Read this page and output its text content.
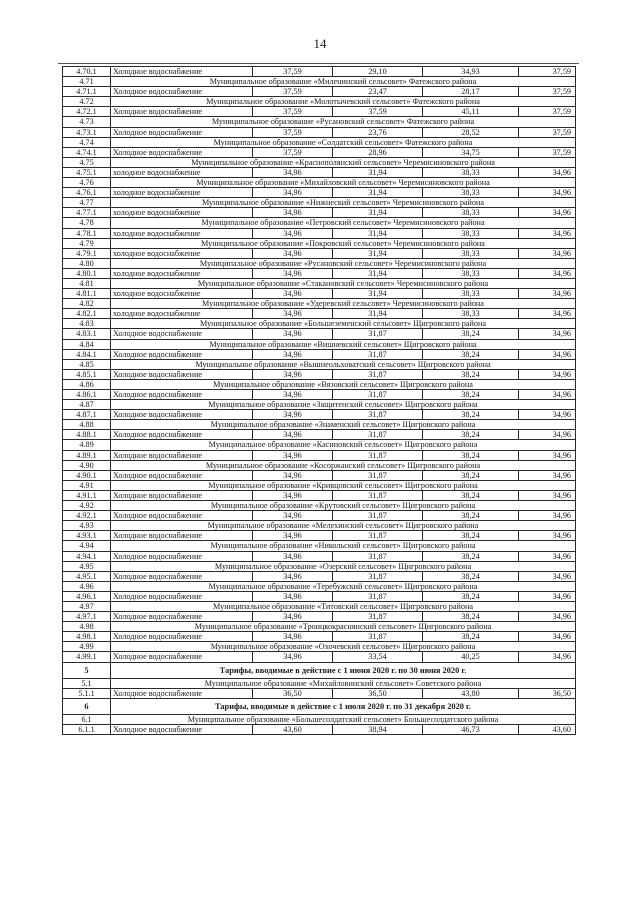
14
4.70.1	Холодное водоснабжение	37,59	29,10	34,93	37,59
4.71	Муниципальное образование «Миленинский сельсовет» Фатежского района				
4.71.1	Холодное водоснабжение	37,59	23,47	28,17	37,59
4.72	Муниципальное образование «Молотычевский сельсовет» Фатежского района				
4.72.1	Холодное водоснабжение	37,59	37,59	45,11	37,59
4.73	Муниципальное образование «Русановский сельсовет» Фатежского района				
4.73.1	Холодное водоснабжение	37,59	23,76	28,52	37,59
4.74	Муниципальное образование «Солдатский сельсовет» Фатежского района				
4.74.1	Холодное водоснабжение	37,59	28,96	34,75	37,59
4.75	Муниципальное образование «Краснополянский сельсовет» Черемисиновского района				
4.75.1	холодное водоснабжение	34,96	31,94	38,33	34,96
4.76	Муниципальное образование «Михайловский сельсовет» Черемисиновского района				
4.76.1	холодное водоснабжение	34,96	31,94	38,33	34,96
4.77	Муниципальное образование «Нижнеский сельсовет» Черемисиновского района				
4.77.1	холодное водоснабжение	34,96	31,94	38,33	34,96
4.78	Муниципальное образование «Петровский сельсовет» Черемисиновского района				
4.78.1	холодное водоснабжение	34,96	31,94	38,33	34,96
4.79	Муниципальное образование «Покровский сельсовет» Черемисиновского района				
4.79.1	холодное водоснабжение	34,96	31,94	38,33	34,96
4.80	Муниципальное образование «Русановский сельсовет» Черемисиновского района				
4.80.1	холодное водоснабжение	34,96	31,94	38,33	34,96
4.81	Муниципальное образование «Стакановский сельсовет» Черемисиновского района				
4.81.1	холодное водоснабжение	34,96	31,94	38,33	34,96
4.82	Муниципальное образование «Удеревский сельсовет» Черемисиновского района				
4.82.1	холодное водоснабжение	34,96	31,94	38,33	34,96
4.83	Муниципальное образование «Большеземенский сельсовет» Щигровского района				
4.83.1	Холодное водоснабжение	34,96	31,87	38,24	34,96
4.84	Муниципальное образование «Вишневский сельсовет» Щигровского района				
4.84.1	Холодное водоснабжение	34,96	31,87	38,24	34,96
4.85	Муниципальное образование «Вышнеольховатский сельсовет» Щигровского района				
4.85.1	Холодное водоснабжение	34,96	31,87	38,24	34,96
4.86	Муниципальное образование «Вязовский сельсовет» Щигровского района				
4.86.1	Холодное водоснабжение	34,96	31,87	38,24	34,96
4.87	Муниципальное образование «Защитенский сельсовет» Щигровского района				
4.87.1	Холодное водоснабжение	34,96	31,87	38,24	34,96
4.88	Муниципальное образование «Знаменский сельсовет» Щигровского района				
4.88.1	Холодное водоснабжение	34,96	31,87	38,24	34,96
4.89	Муниципальное образование «Касиновский сельсовет» Щигровского района				
4.89.1	Холодное водоснабжение	34,96	31,87	38,24	34,96
4.90	Муниципальное образование «Косоржанский сельсовет» Щигровского района				
4.90.1	Холодное водоснабжение	34,96	31,87	38,24	34,96
4.91	Муниципальное образование «Кривцовский сельсовет» Щигровского района				
4.91.1	Холодное водоснабжение	34,96	31,87	38,24	34,96
4.92	Муниципальное образование «Крутовский сельсовет» Щигровского района				
4.92.1	Холодное водоснабжение	34,96	31,87	38,24	34,96
4.93	Муниципальное образование «Мелехинский сельсовет» Щигровского района				
4.93.1	Холодное водоснабжение	34,96	31,87	38,24	34,96
4.94	Муниципальное образование «Никольский сельсовет» Щигровского района				
4.94.1	Холодное водоснабжение	34,96	31,87	38,24	34,96
4.95	Муниципальное образование «Озерский сельсовет» Щигровского района				
4.95.1	Холодное водоснабжение	34,96	31,87	38,24	34,96
4.96	Муниципальное образование «Теребужский сельсовет» Щигровского района				
4.96.1	Холодное водоснабжение	34,96	31,87	38,24	34,96
4.97	Муниципальное образование «Титовский сельсовет» Щигровского района				
4.97.1	Холодное водоснабжение	34,96	31,87	38,24	34,96
4.98	Муниципальное образование «Троицкокраснянский сельсовет» Щигровского района				
4.98.1	Холодное водоснабжение	34,96	31,87	38,24	34,96
4.99	Муниципальное образование «Охочевский сельсовет» Щигровского района				
4.99.1	Холодное водоснабжение	34,96	33,54	40,25	34,96
5	Тарифы, вводимые в действие с 1 июня 2020 г. по 30 июня 2020 г.				
5.1	Муниципальное образование «Михайловинский сельсовет» Советского района				
5.1.1	Холодное водоснабжение	36,50	36,50	43,80	36,50
6	Тарифы, вводимые в действие с 1 июля 2020 г. по 31 декабря 2020 г.				
6.1	Муниципальное образование «Большесолдатский сельсовет» Большесолдатского района				
6.1.1	Холодное водоснабжение	43,60	38,94	46,73	43,60
